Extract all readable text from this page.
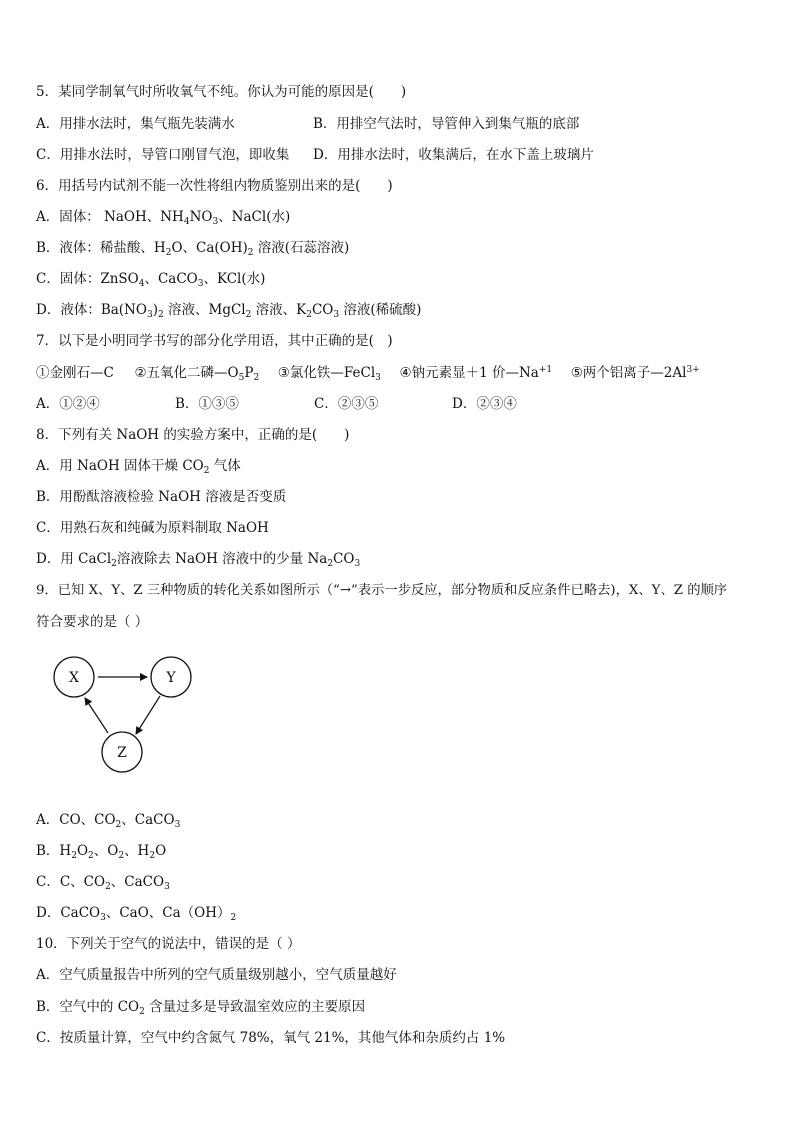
5．某同学制氧气时所收氧气不纯。你认为可能的原因是(　　)
A．用排水法时，集气瓶先装满水	B．用排空气法时，导管伸入到集气瓶的底部
C．用排水法时，导管口刚冒气泡，即收集 D．用排水法时，收集满后，在水下盖上玻璃片
6．用括号内试剂不能一次性将组内物质鉴别出来的是(　　)
A．固体： NaOH、$NH_4NO_3$、NaCl(水)
B．液体：稀盐酸、$H_2O$、$Ca(OH)_2$ 溶液(石蕊溶液)
C．固体：ZnSO$_4$、CaCO$_3$、KCl(水)
D．液体：$Ba(NO_3)_2$ 溶液、MgCl$_2$ 溶液、$K_2CO_3$ 溶液(稀硫酸)
7．以下是小明同学书写的部分化学用语，其中正确的是(　)
①金刚石—C ②五氧化二磷$—O_5P_2$ ③氯化铁—FeCl$_3$ ④钠元素显＋1 价$—Na^{+1}$ ⑤两个铝离子$—2Al^{3+}$
A．①②④	B．①③⑤	C．②③⑤	D．②③④
8．下列有关 NaOH 的实验方案中，正确的是(　　)
A．用 NaOH 固体干燥 $CO_2$ 气体
B．用酚酞溶液检验 NaOH 溶液是否变质
C．用熟石灰和纯碱为原料制取 NaOH
D．用 CaCl$_2$溶液除去 NaOH 溶液中的少量 $Na_2CO_3$
9．已知 X、Y、Z 三种物质的转化关系如图所示（“→”表示一步反应，部分物质和反应条件已略去)，X、Y、Z 的顺序
符合要求的是（ ）
X	Y
Z
A．CO、$CO_2$、CaCO$_3$
B．$H_2O_2$、$O_2$、$H_2O$
C．C、$CO_2$、CaCO$_3$
D．CaCO$_3$、CaO、$Ca(OH)_2$
10．下列关于空气的说法中，错误的是（ ）
A．空气质量报告中所列的空气质量级别越小，空气质量越好
B．空气中的 $CO_2$ 含量过多是导致温室效应的主要原因
C．按质量计算，空气中约含氮气 78%，氧气 21%，其他气体和杂质约占 1%
